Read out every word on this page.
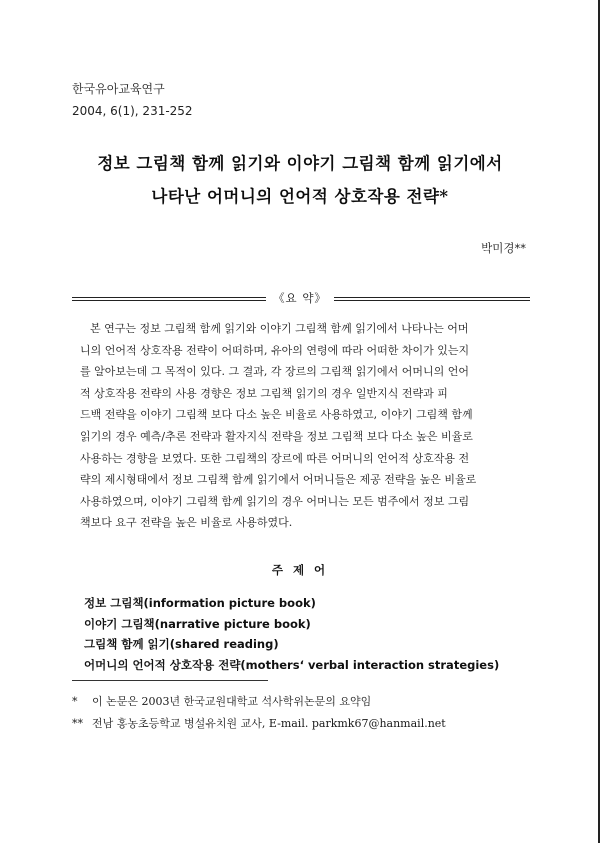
한국유아교육연구
2004, 6(1), 231-252
정보 그림책 함께 읽기와 이야기 그림책 함께 읽기에서
나타난 어머니의 언어적 상호작용 전략*
박미경**
《요 약》
본 연구는 정보 그림책 함께 읽기와 이야기 그림책 함께 읽기에서 나타나는 어머
니의 언어적 상호작용 전략이 어떠하며, 유아의 연령에 따라 어떠한 차이가 있는지
를 알아보는데 그 목적이 있다. 그 결과, 각 장르의 그림책 읽기에서 어머니의 언어
적 상호작용 전략의 사용 경향은 정보 그림책 읽기의 경우 일반지식 전략과 피
드백 전략을 이야기 그림책 보다 다소 높은 비율로 사용하였고, 이야기 그림책 함께
읽기의 경우 예측/추론 전략과 활자지식 전략을 정보 그림책 보다 다소 높은 비율로
사용하는 경향을 보였다. 또한 그림책의 장르에 따른 어머니의 언어적 상호작용 전
략의 제시형태에서 정보 그림책 함께 읽기에서 어머니들은 제공 전략을 높은 비율로
사용하였으며, 이야기 그림책 함께 읽기의 경우 어머니는 모든 범주에서 정보 그림
책보다 요구 전략을 높은 비율로 사용하였다.
주 제 어
정보 그림책(information picture book)
이야기 그림책(narrative picture book)
그림책 함께 읽기(shared reading)
어머니의 언어적 상호작용 전략(mothers‘ verbal interaction strategies)
* 이 논문은 2003년 한국교원대학교 석사학위논문의 요약임
** 전남 홍농초등학교 병설유치원 교사, E-mail. parkmk67@hanmail.net
